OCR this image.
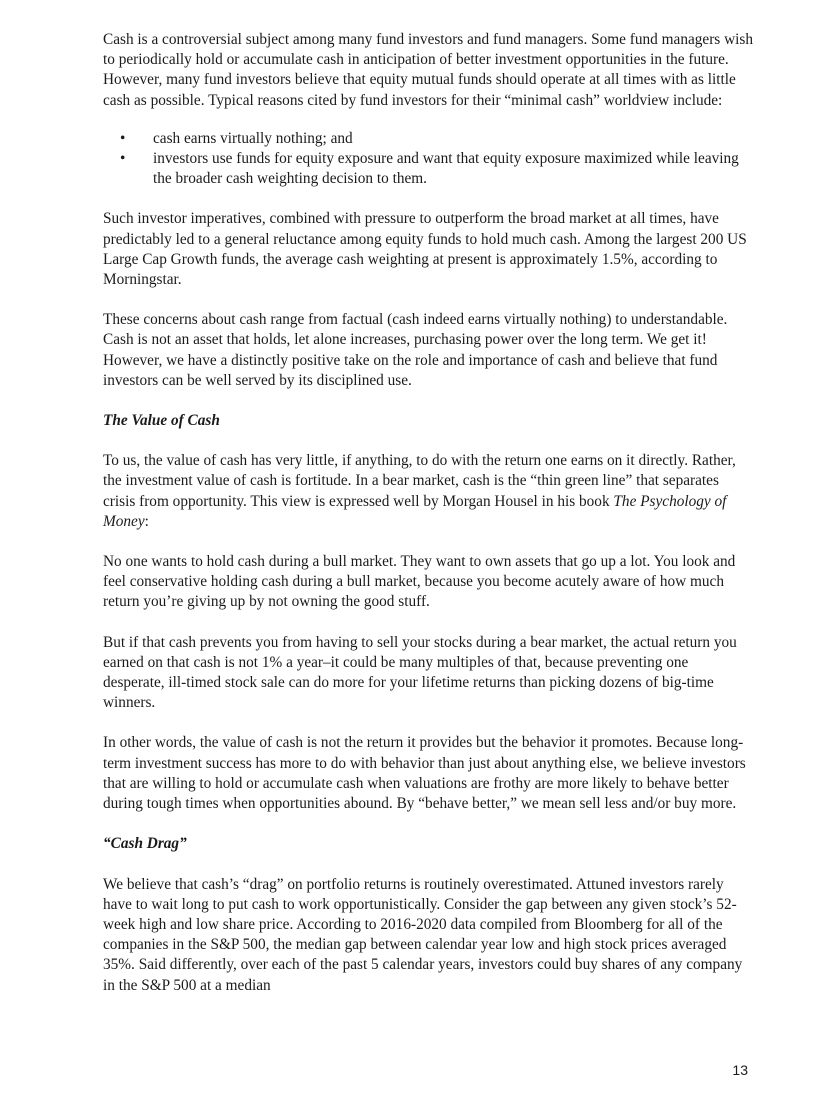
Cash is a controversial subject among many fund investors and fund managers. Some fund managers wish to periodically hold or accumulate cash in anticipation of better investment opportunities in the future. However, many fund investors believe that equity mutual funds should operate at all times with as little cash as possible. Typical reasons cited by fund investors for their “minimal cash” worldview include:

• cash earns virtually nothing; and
• investors use funds for equity exposure and want that equity exposure maximized while leaving the broader cash weighting decision to them.

Such investor imperatives, combined with pressure to outperform the broad market at all times, have predictably led to a general reluctance among equity funds to hold much cash. Among the largest 200 US Large Cap Growth funds, the average cash weighting at present is approximately 1.5%, according to Morningstar.

These concerns about cash range from factual (cash indeed earns virtually nothing) to understandable. Cash is not an asset that holds, let alone increases, purchasing power over the long term. We get it! However, we have a distinctly positive take on the role and importance of cash and believe that fund investors can be well served by its disciplined use.

The Value of Cash

To us, the value of cash has very little, if anything, to do with the return one earns on it directly. Rather, the investment value of cash is fortitude. In a bear market, cash is the “thin green line” that separates crisis from opportunity. This view is expressed well by Morgan Housel in his book The Psychology of Money:

No one wants to hold cash during a bull market. They want to own assets that go up a lot. You look and feel conservative holding cash during a bull market, because you become acutely aware of how much return you’re giving up by not owning the good stuff.

But if that cash prevents you from having to sell your stocks during a bear market, the actual return you earned on that cash is not 1% a year–it could be many multiples of that, because preventing one desperate, ill-timed stock sale can do more for your lifetime returns than picking dozens of big-time winners.

In other words, the value of cash is not the return it provides but the behavior it promotes. Because long-term investment success has more to do with behavior than just about anything else, we believe investors that are willing to hold or accumulate cash when valuations are frothy are more likely to behave better during tough times when opportunities abound. By “behave better,” we mean sell less and/or buy more.

“Cash Drag”

We believe that cash’s “drag” on portfolio returns is routinely overestimated. Attuned investors rarely have to wait long to put cash to work opportunistically. Consider the gap between any given stock’s 52-week high and low share price. According to 2016-2020 data compiled from Bloomberg for all of the companies in the S&P 500, the median gap between calendar year low and high stock prices averaged 35%. Said differently, over each of the past 5 calendar years, investors could buy shares of any company in the S&P 500 at a median

13
